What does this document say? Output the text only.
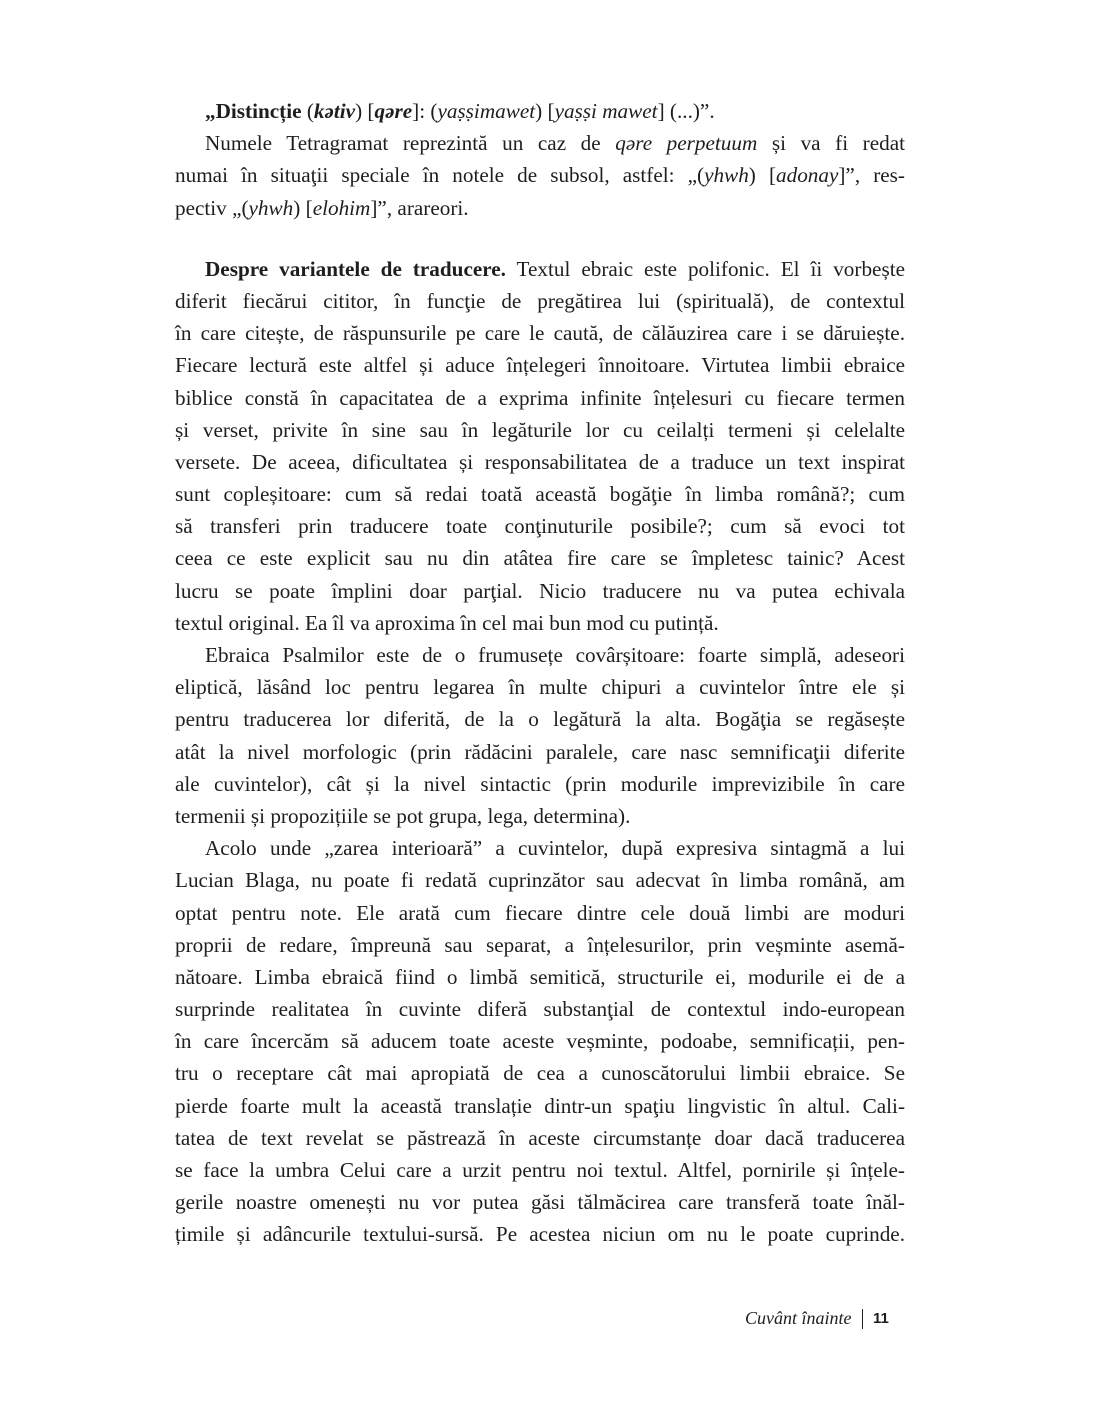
„Distincție (kətiv) [qəre]: (yaṣṣimawet) [yaṣṣi mawet] (...)”.
Numele Tetragramat reprezintă un caz de qəre perpetuum și va fi redat
numai în situaţii speciale în notele de subsol, astfel: „(yhwh) [adonay]”, res-
pectiv „(yhwh) [elohim]”, arareori.
Despre variantele de traducere. Textul ebraic este polifonic. El îi vorbește
diferit fiecărui cititor, în funcţie de pregătirea lui (spirituală), de contextul
în care citește, de răspunsurile pe care le caută, de călăuzirea care i se dăruiește.
Fiecare lectură este altfel și aduce înțelegeri înnoitoare. Virtutea limbii ebraice
biblice constă în capacitatea de a exprima infinite înțelesuri cu fiecare termen
și verset, privite în sine sau în legăturile lor cu ceilalți termeni și celelalte
versete. De aceea, dificultatea și responsabilitatea de a traduce un text inspirat
sunt copleșitoare: cum să redai toată această bogăţie în limba română?; cum
să transferi prin traducere toate conţinuturile posibile?; cum să evoci tot
ceea ce este explicit sau nu din atâtea fire care se împletesc tainic? Acest
lucru se poate împlini doar parţial. Nicio traducere nu va putea echivala
textul original. Ea îl va aproxima în cel mai bun mod cu putință.
Ebraica Psalmilor este de o frumusețe covârșitoare: foarte simplă, adeseori
eliptică, lăsând loc pentru legarea în multe chipuri a cuvintelor între ele și
pentru traducerea lor diferită, de la o legătură la alta. Bogăţia se regăsește
atât la nivel morfologic (prin rădăcini paralele, care nasc semnificaţii diferite
ale cuvintelor), cât și la nivel sintactic (prin modurile imprevizibile în care
termenii și propozițiile se pot grupa, lega, determina).
Acolo unde „zarea interioară” a cuvintelor, după expresiva sintagmă a lui
Lucian Blaga, nu poate fi redată cuprinzător sau adecvat în limba română, am
optat pentru note. Ele arată cum fiecare dintre cele două limbi are moduri
proprii de redare, împreună sau separat, a înțelesurilor, prin veșminte asemă-
nătoare. Limba ebraică fiind o limbă semitică, structurile ei, modurile ei de a
surprinde realitatea în cuvinte diferă substanţial de contextul indo-european
în care încercăm să aducem toate aceste veșminte, podoabe, semnificații, pen-
tru o receptare cât mai apropiată de cea a cunoscătorului limbii ebraice. Se
pierde foarte mult la această translație dintr-un spaţiu lingvistic în altul. Cali-
tatea de text revelat se păstrează în aceste circumstanțe doar dacă traducerea
se face la umbra Celui care a urzit pentru noi textul. Altfel, pornirile și înțele-
gerile noastre omenești nu vor putea găsi tălmăcirea care transferă toate înăl-
țimile și adâncurile textului-sursă. Pe acestea niciun om nu le poate cuprinde.
Cuvânt înainte 11
